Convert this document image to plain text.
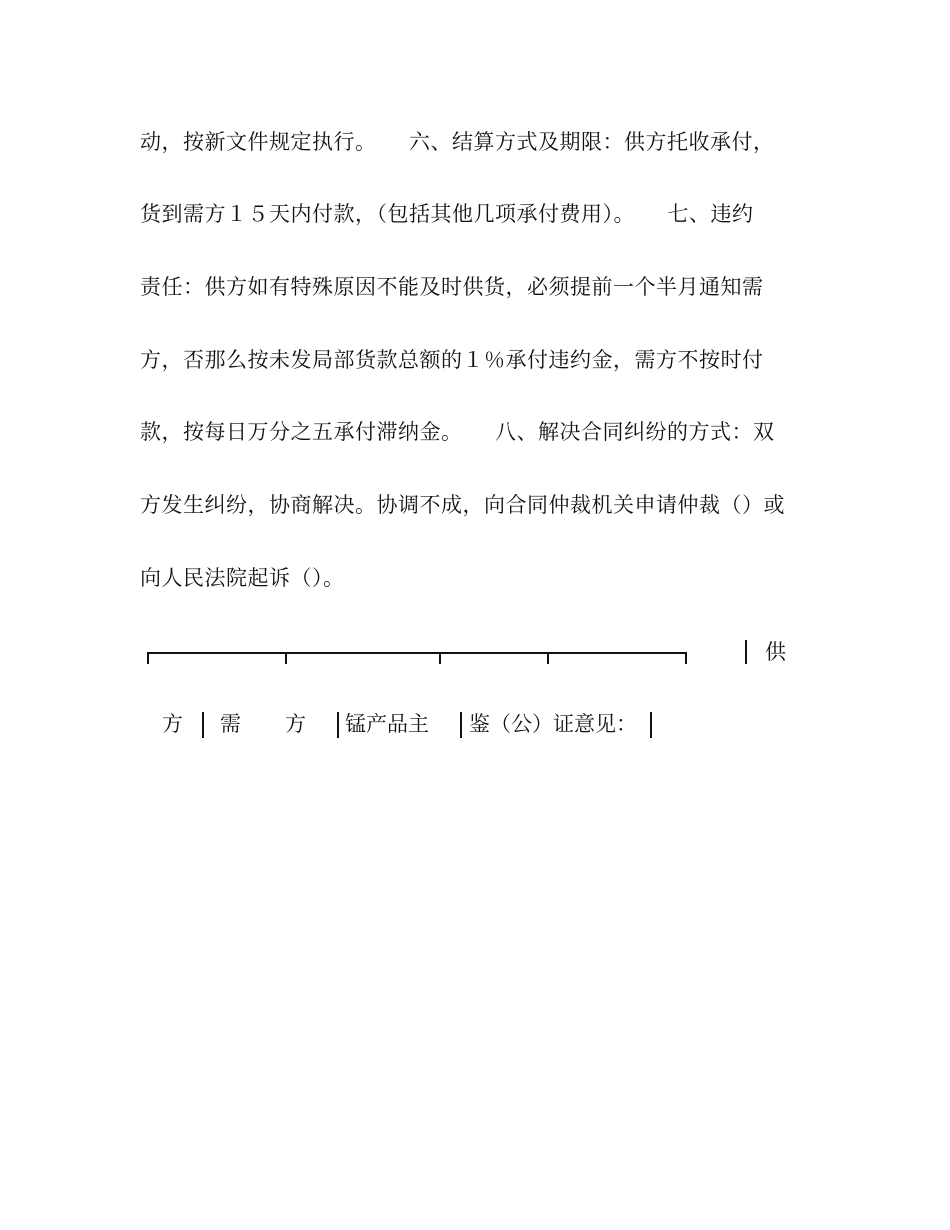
动，按新文件规定执行。　　六、结算方式及期限：供方托收承付，
货到需方１５天内付款，（包括其他几项承付费用）。　　七、违约
责任：供方如有特殊原因不能及时供货，必须提前一个半月通知需
方，否那么按未发局部货款总额的１％承付违约金，需方不按时付
款，按每日万分之五承付滞纳金。　　八、解决合同纠纷的方式：双
方发生纠纷，协商解决。协调不成，向合同仲裁机关申请仲裁（）或
向人民法院起诉（）。
供
方 需 方 锰产品主 鉴（公）证意见：
